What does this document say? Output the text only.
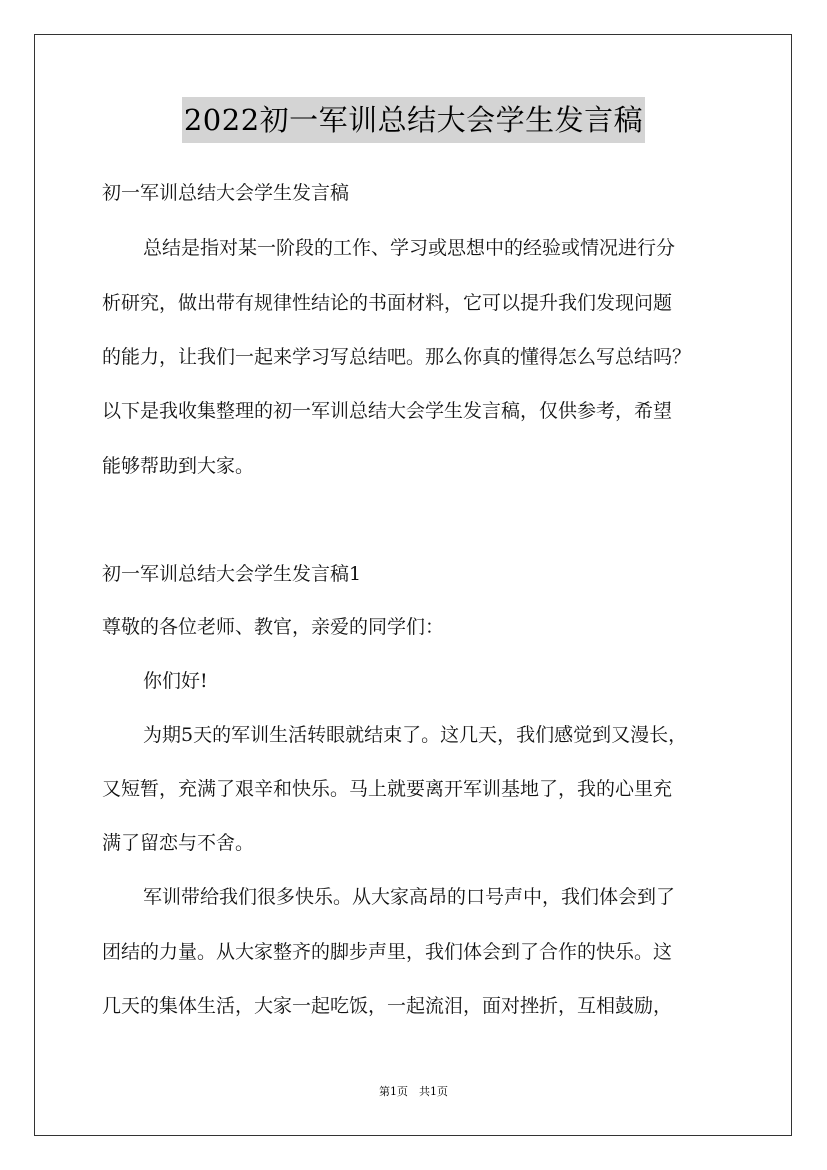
2022初一军训总结大会学生发言稿
初一军训总结大会学生发言稿
总结是指对某一阶段的工作、学习或思想中的经验或情况进行分
析研究，做出带有规律性结论的书面材料，它可以提升我们发现问题
的能力，让我们一起来学习写总结吧。那么你真的懂得怎么写总结吗？
以下是我收集整理的初一军训总结大会学生发言稿，仅供参考，希望
能够帮助到大家。
初一军训总结大会学生发言稿1
尊敬的各位老师、教官，亲爱的同学们：
你们好!
为期5天的军训生活转眼就结束了。这几天，我们感觉到又漫长，
又短暂，充满了艰辛和快乐。马上就要离开军训基地了，我的心里充
满了留恋与不舍。
军训带给我们很多快乐。从大家高昂的口号声中，我们体会到了
团结的力量。从大家整齐的脚步声里，我们体会到了合作的快乐。这
几天的集体生活，大家一起吃饭，一起流泪，面对挫折，互相鼓励，
第1页　共1页
